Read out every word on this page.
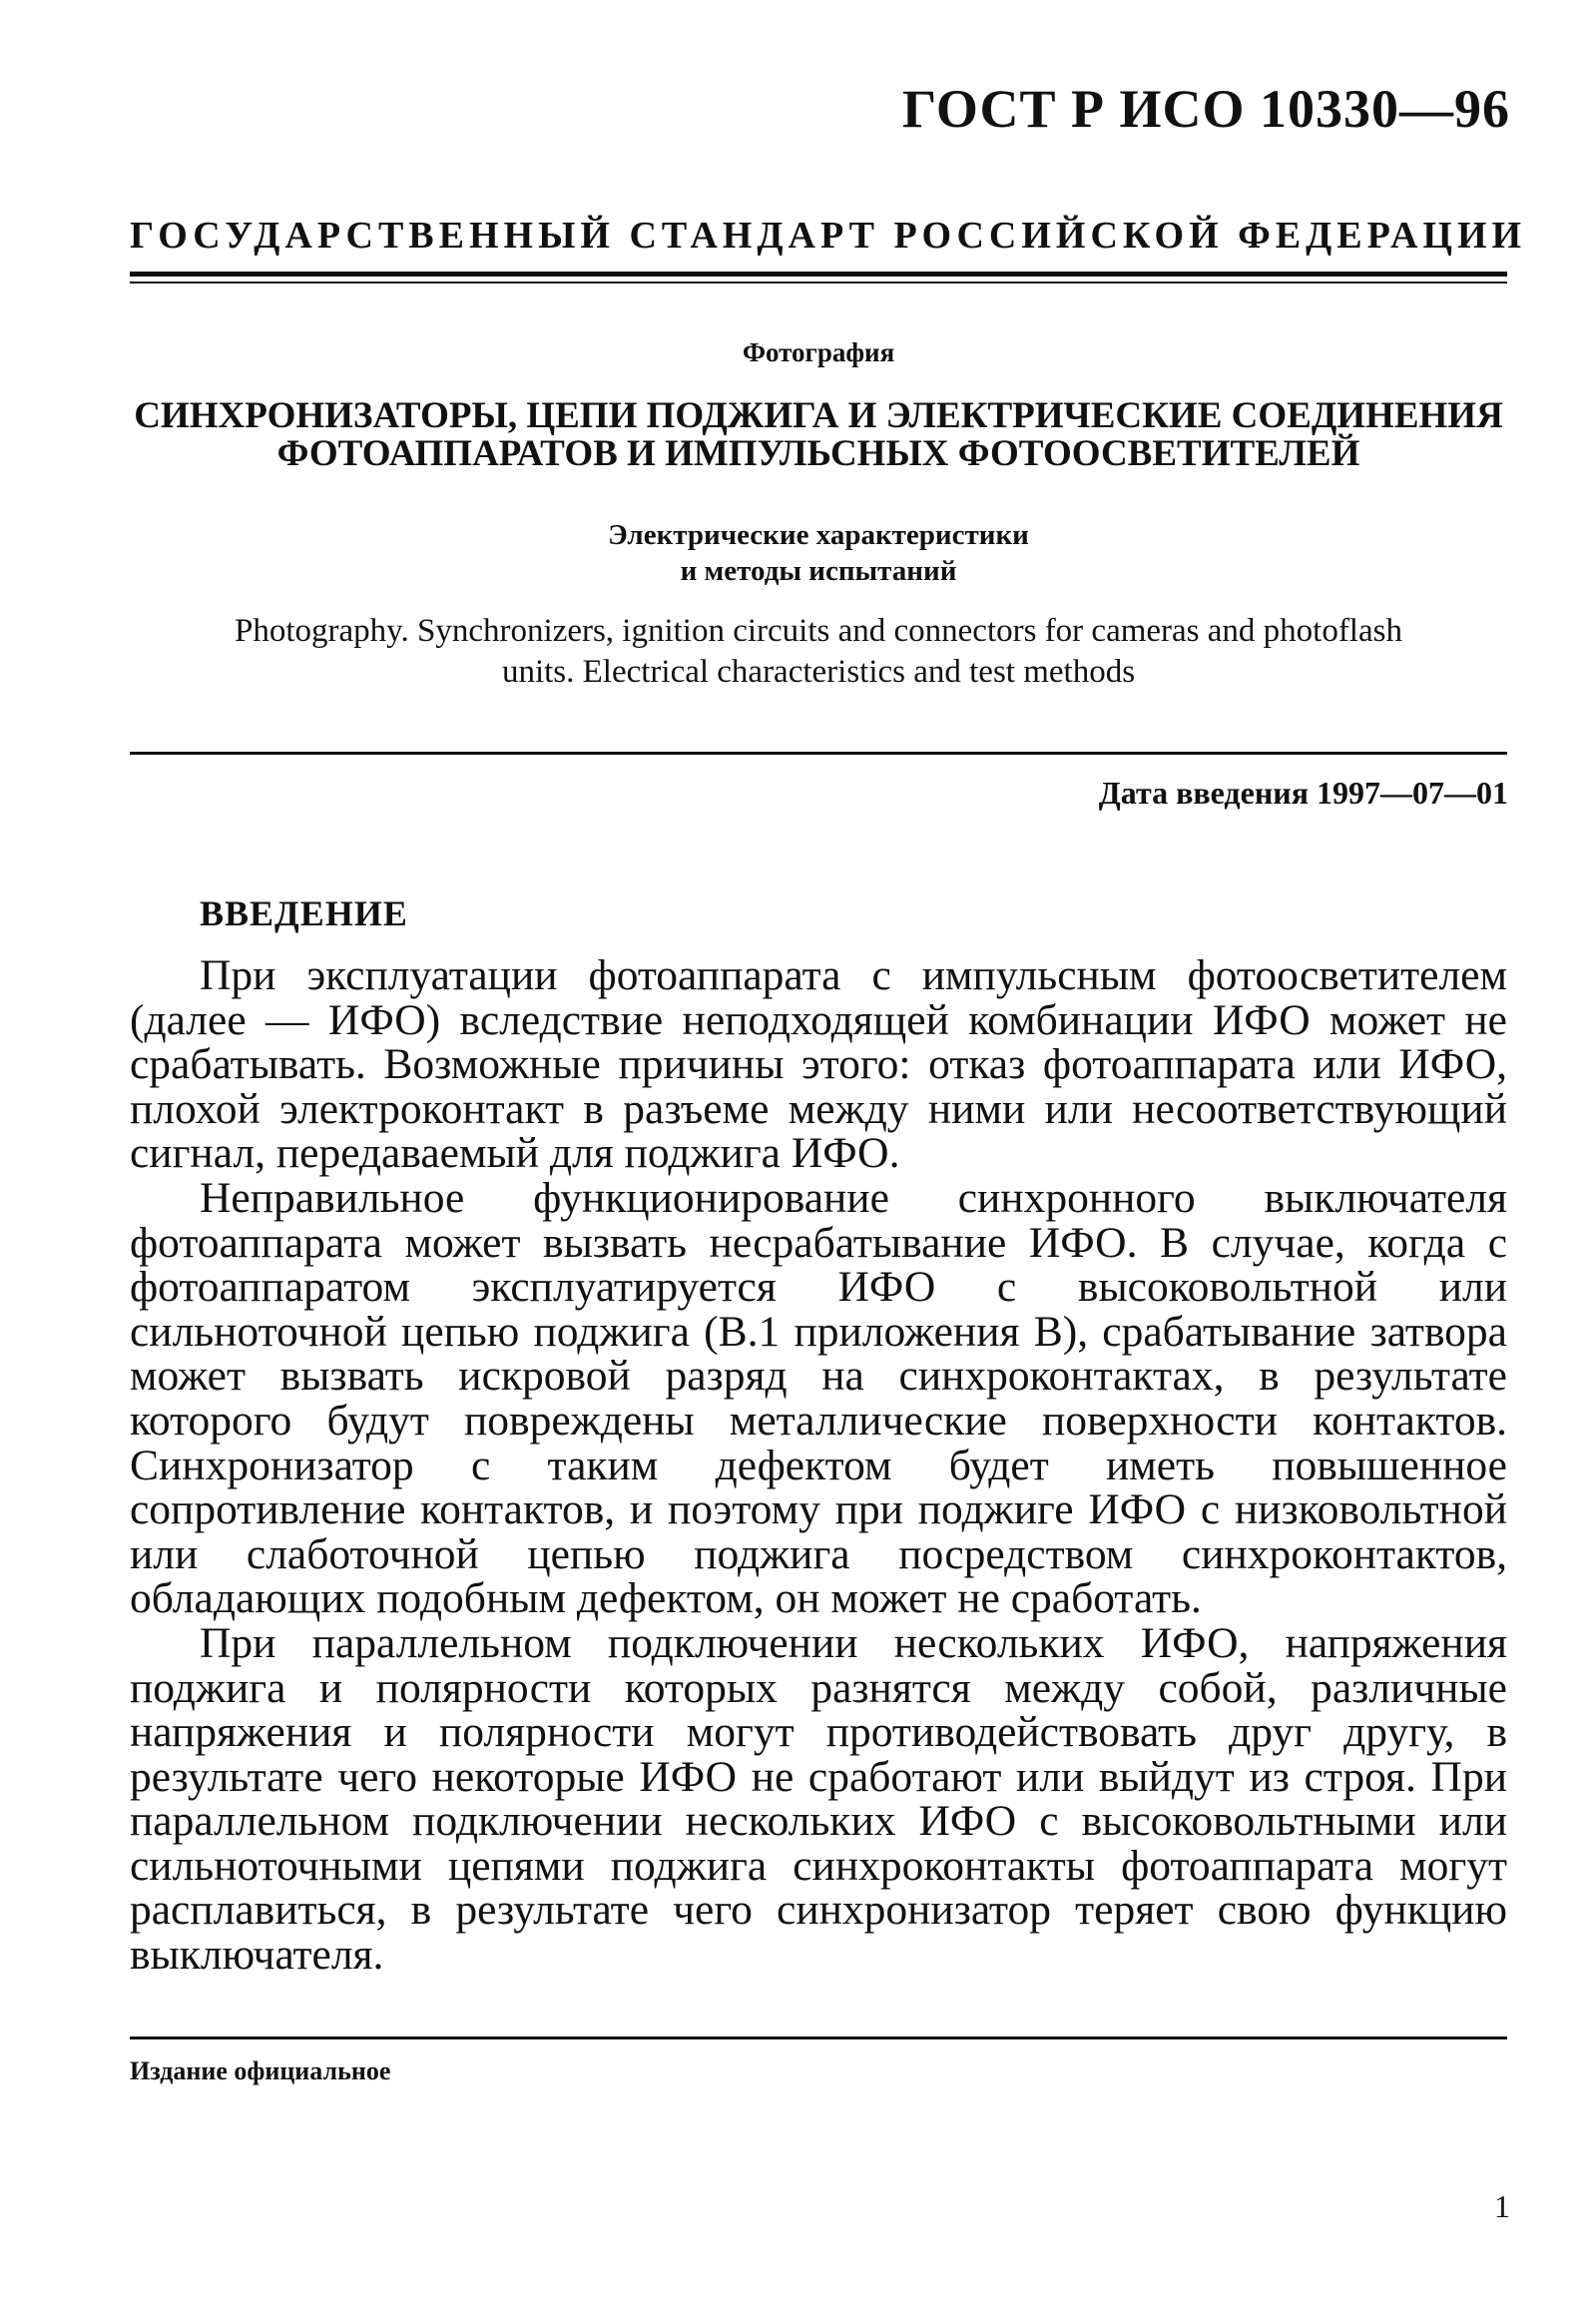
ГОСТ Р ИСО 10330—96
ГОСУДАРСТВЕННЫЙ СТАНДАРТ РОССИЙСКОЙ ФЕДЕРАЦИИ
Фотография
СИНХРОНИЗАТОРЫ, ЦЕПИ ПОДЖИГА И ЭЛЕКТРИЧЕСКИЕ СОЕДИНЕНИЯ
ФОТОАППАРАТОВ И ИМПУЛЬСНЫХ ФОТООСВЕТИТЕЛЕЙ
Электрические характеристики
и методы испытаний
Photography. Synchronizers, ignition circuits and connectors for cameras and photoflash
units. Electrical characteristics and test methods
Дата введения 1997—07—01
ВВЕДЕНИЕ

При эксплуатации фотоаппарата с импульсным фотоосветителем (далее — ИФО) вследствие неподходящей комбинации ИФО может не срабатывать. Возможные причины этого: отказ фотоаппарата или ИФО, плохой электроконтакт в разъеме между ними или несоответствующий сигнал, передаваемый для поджига ИФО.

Неправильное функционирование синхронного выключателя фотоаппарата может вызвать несрабатывание ИФО. В случае, когда с фотоаппаратом эксплуатируется ИФО с высоковольтной или сильноточной цепью поджига (В.1 приложения В), срабатывание затвора может вызвать искровой разряд на синхроконтактах, в результате которого будут повреждены металлические поверхности контактов. Синхронизатор с таким дефектом будет иметь повышенное сопротивление контактов, и поэтому при поджиге ИФО с низковольтной или слаботочной цепью поджига посредством синхроконтактов, обладающих подобным дефектом, он может не сработать.

При параллельном подключении нескольких ИФО, напряжения поджига и полярности которых разнятся между собой, различные напряжения и полярности могут противодействовать друг другу, в результате чего некоторые ИФО не сработают или выйдут из строя. При параллельном подключении нескольких ИФО с высоковольтными или сильноточными цепями поджига синхроконтакты фотоаппарата могут расплавиться, в результате чего синхронизатор теряет свою функцию выключателя.

Издание официальное
1
